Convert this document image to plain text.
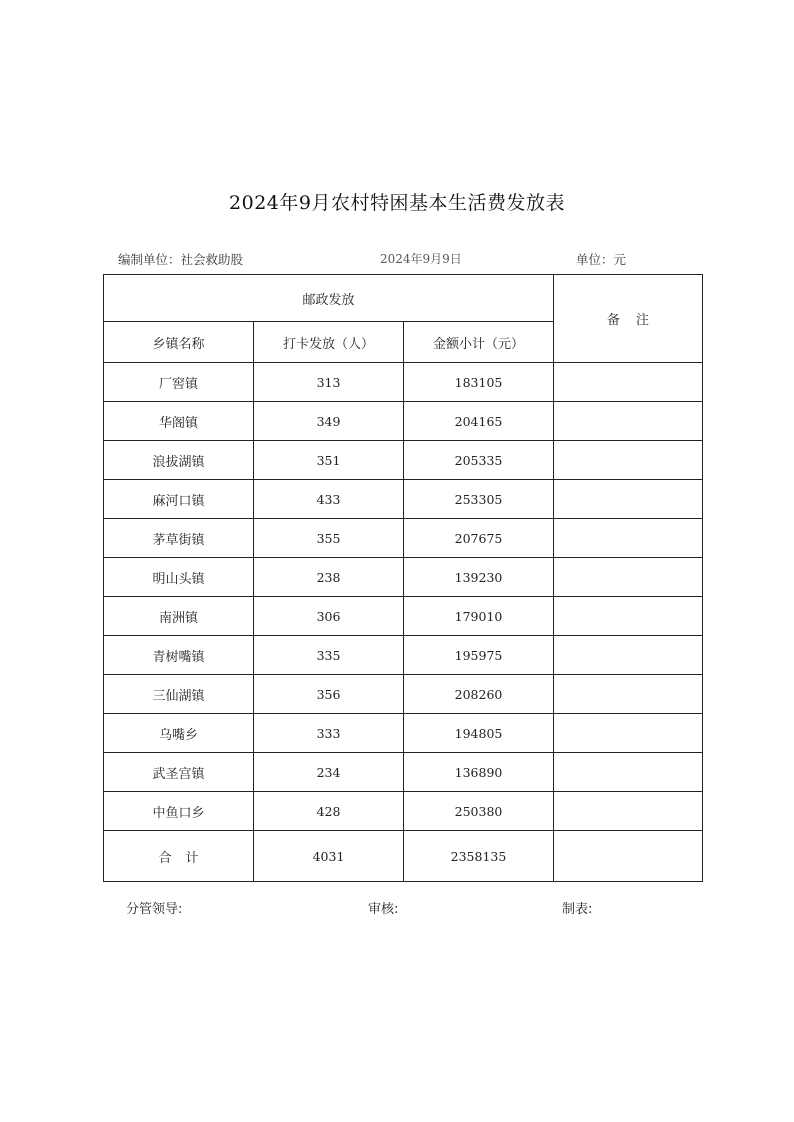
2024年9月农村特困基本生活费发放表
编制单位：社会救助股	2024年9月9日	单位：元
邮政发放			备注
乡镇名称	打卡发放（人）	金额小计（元）	
厂窖镇	313	183105	
华阁镇	349	204165	
浪拔湖镇	351	205335	
麻河口镇	433	253305	
茅草街镇	355	207675	
明山头镇	238	139230	
南洲镇	306	179010	
青树嘴镇	335	195975	
三仙湖镇	356	208260	
乌嘴乡	333	194805	
武圣宫镇	234	136890	
中鱼口乡	428	250380	
合计	4031	2358135	
分管领导:	审核:	制表:
